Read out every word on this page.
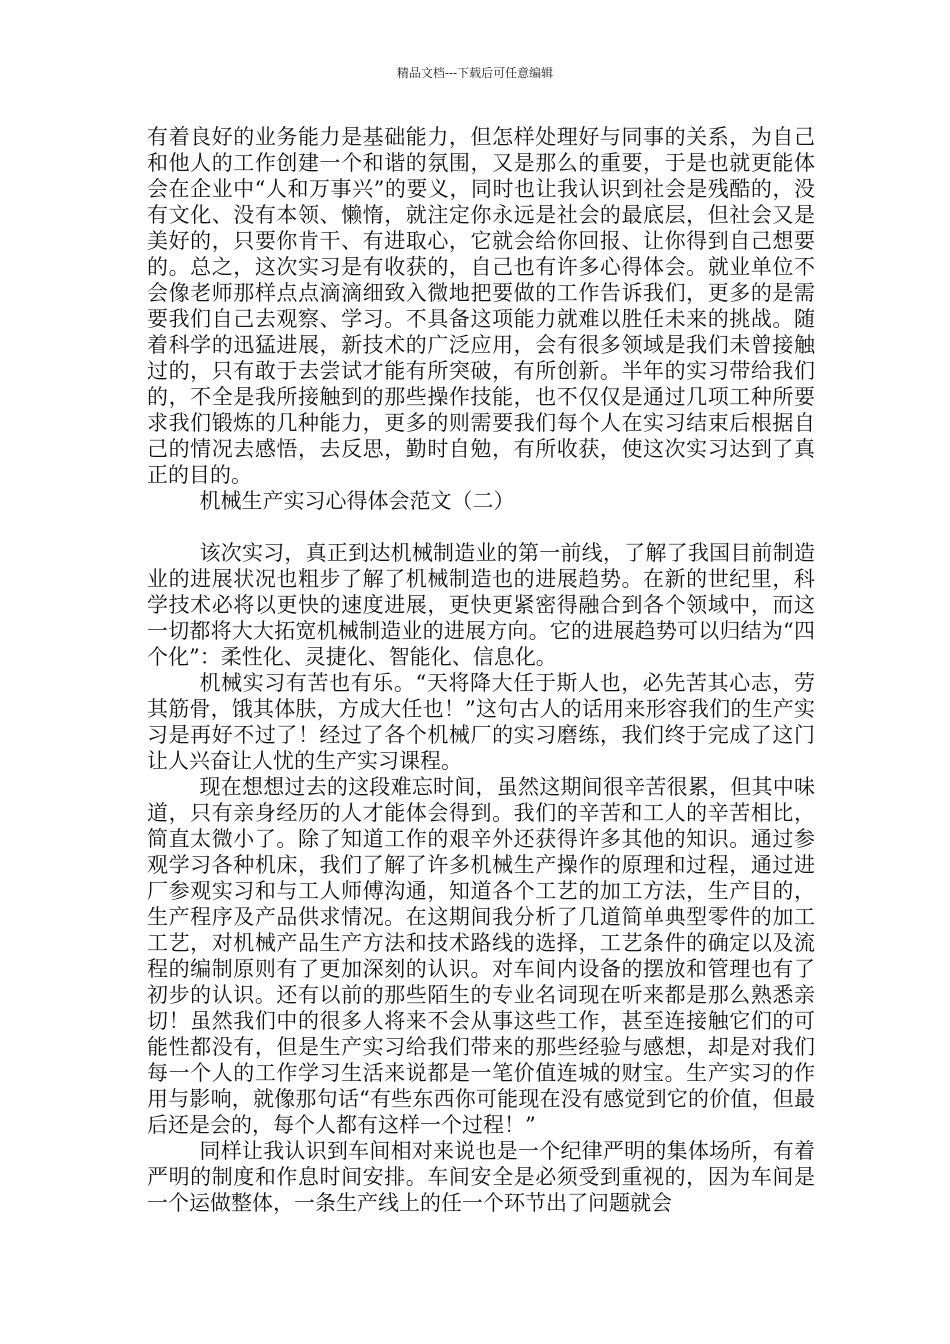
精品文档---下载后可任意编辑

有着良好的业务能力是基础能力，但怎样处理好与同事的关系，为自己和他人的工作创建一个和谐的氛围，又是那么的重要，于是也就更能体会在企业中“人和万事兴”的要义，同时也让我认识到社会是残酷的，没有文化、没有本领、懒惰，就注定你永远是社会的最底层，但社会又是美好的，只要你肯干、有进取心，它就会给你回报、让你得到自己想要的。总之，这次实习是有收获的，自己也有许多心得体会。就业单位不会像老师那样点点滴滴细致入微地把要做的工作告诉我们，更多的是需要我们自己去观察、学习。不具备这项能力就难以胜任未来的挑战。随着科学的迅猛进展，新技术的广泛应用，会有很多领域是我们未曾接触过的，只有敢于去尝试才能有所突破，有所创新。半年的实习带给我们的，不全是我所接触到的那些操作技能，也不仅仅是通过几项工种所要求我们锻炼的几种能力，更多的则需要我们每个人在实习结束后根据自己的情况去感悟，去反思，勤时自勉，有所收获，使这次实习达到了真正的目的。

机械生产实习心得体会范文（二）

该次实习，真正到达机械制造业的第一前线，了解了我国目前制造业的进展状况也粗步了解了机械制造也的进展趋势。在新的世纪里，科学技术必将以更快的速度进展，更快更紧密得融合到各个领域中，而这一切都将大大拓宽机械制造业的进展方向。它的进展趋势可以归结为“四个化”：柔性化、灵捷化、智能化、信息化。

机械实习有苦也有乐。“天将降大任于斯人也，必先苦其心志，劳其筋骨，饿其体肤，方成大任也！”这句古人的话用来形容我们的生产实习是再好不过了！经过了各个机械厂的实习磨练，我们终于完成了这门让人兴奋让人忧的生产实习课程。

现在想想过去的这段难忘时间，虽然这期间很辛苦很累，但其中味道，只有亲身经历的人才能体会得到。我们的辛苦和工人的辛苦相比，简直太微小了。除了知道工作的艰辛外还获得许多其他的知识。通过参观学习各种机床，我们了解了许多机械生产操作的原理和过程，通过进厂参观实习和与工人师傅沟通，知道各个工艺的加工方法，生产目的，生产程序及产品供求情况。在这期间我分析了几道简单典型零件的加工工艺，对机械产品生产方法和技术路线的选择，工艺条件的确定以及流程的编制原则有了更加深刻的认识。对车间内设备的摆放和管理也有了初步的认识。还有以前的那些陌生的专业名词现在听来都是那么熟悉亲切！虽然我们中的很多人将来不会从事这些工作，甚至连接触它们的可能性都没有，但是生产实习给我们带来的那些经验与感想，却是对我们每一个人的工作学习生活来说都是一笔价值连城的财宝。生产实习的作用与影响，就像那句话“有些东西你可能现在没有感觉到它的价值，但最后还是会的，每个人都有这样一个过程！”

同样让我认识到车间相对来说也是一个纪律严明的集体场所，有着严明的制度和作息时间安排。车间安全是必须受到重视的，因为车间是一个运做整体，一条生产线上的任一个环节出了问题就会
